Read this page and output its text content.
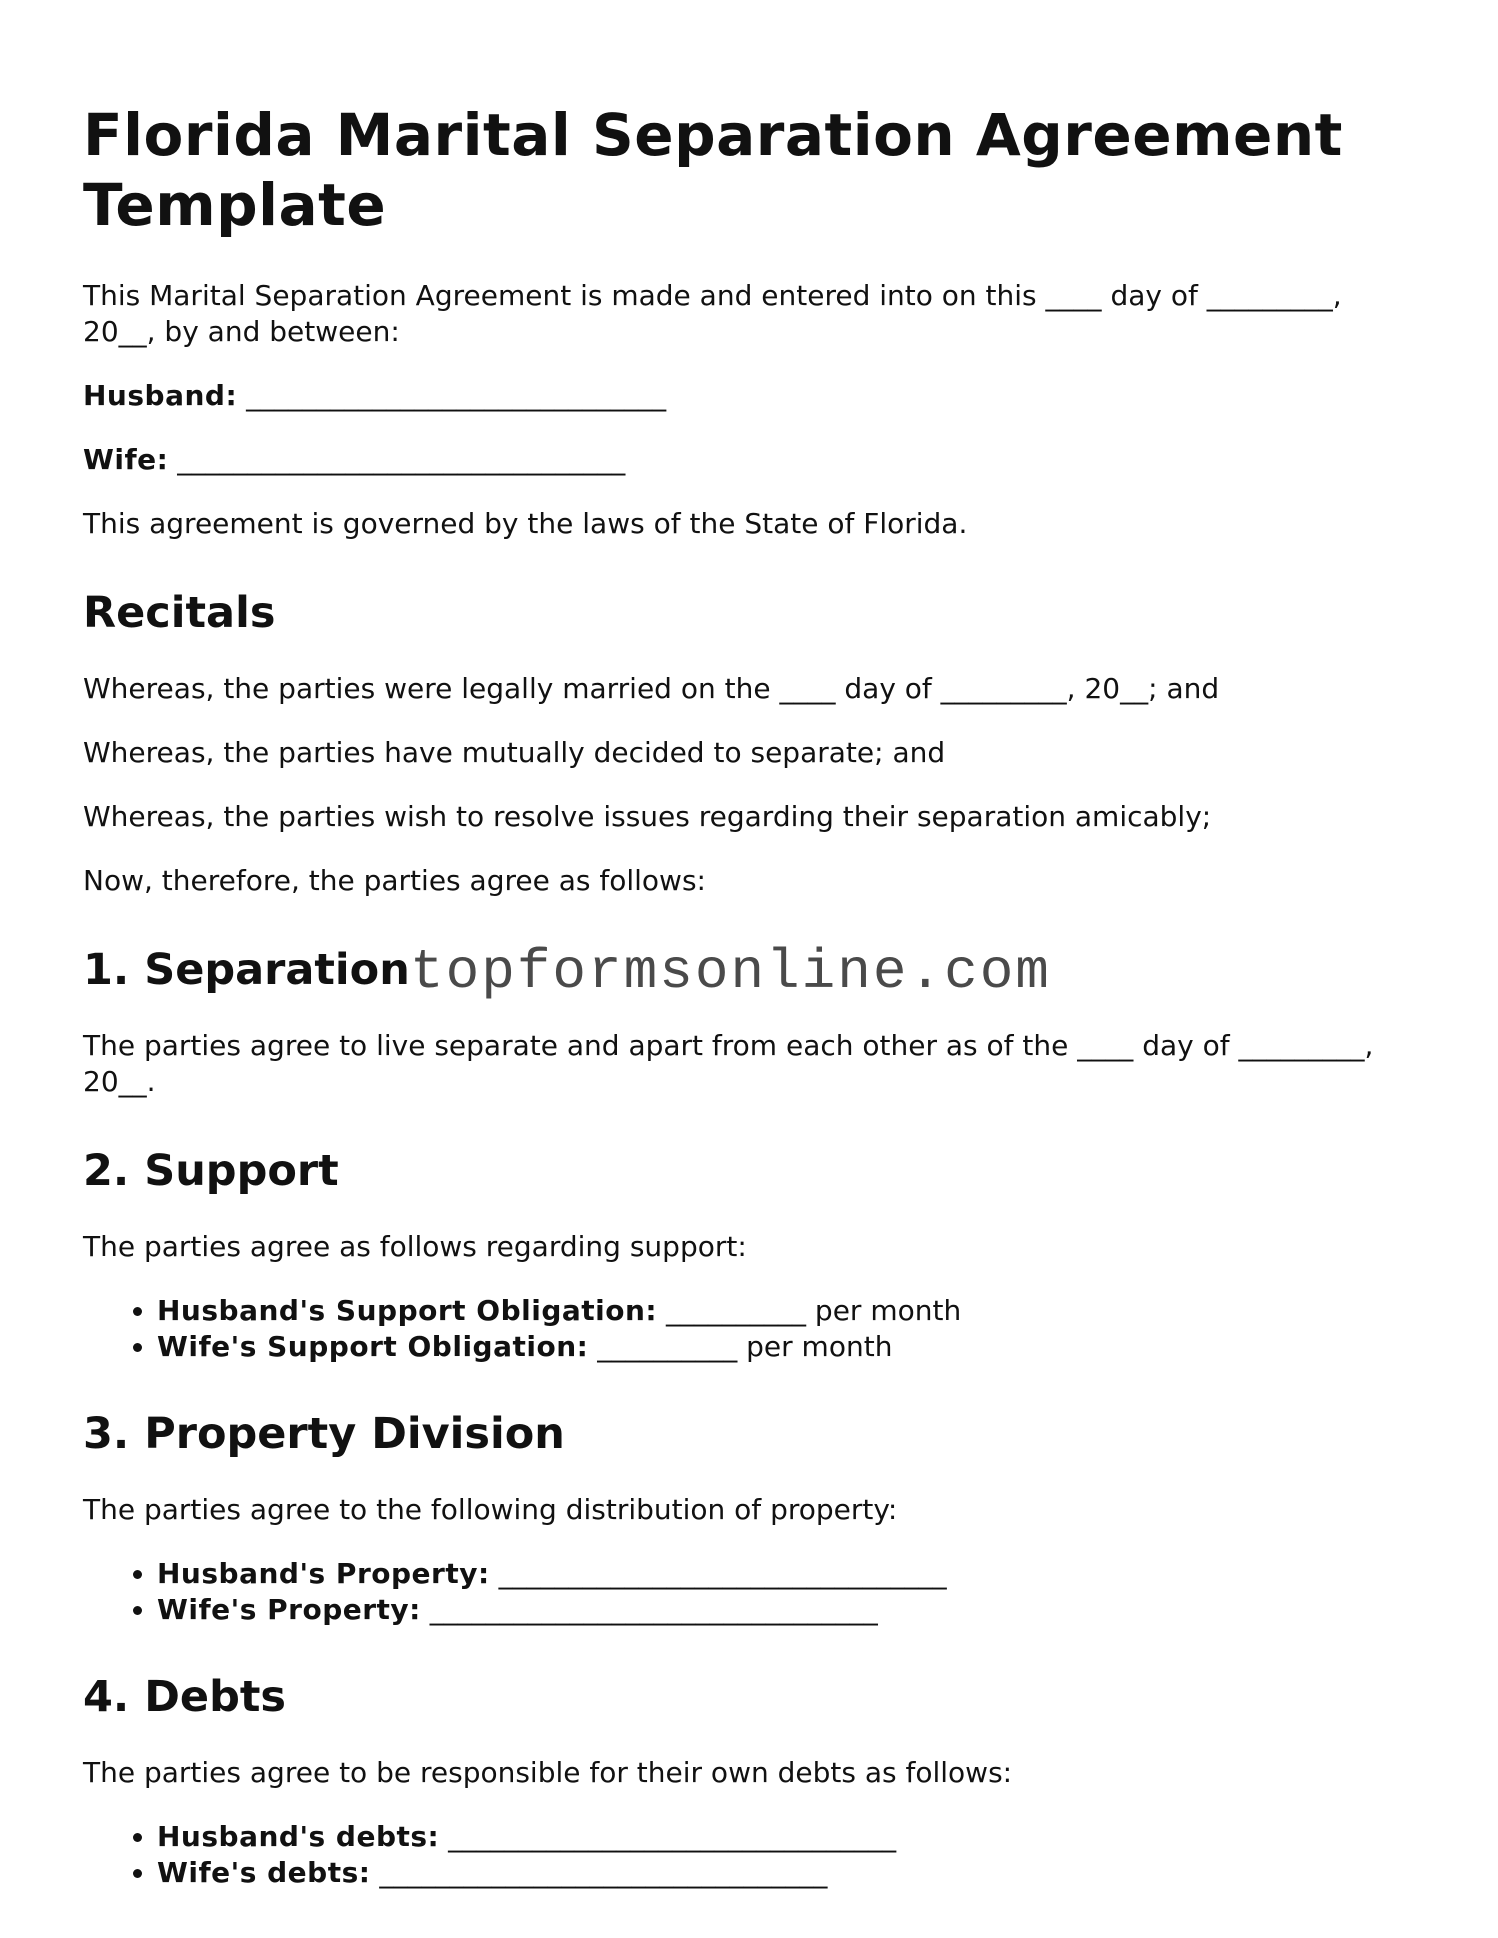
Florida Marital Separation Agreement Template

This Marital Separation Agreement is made and entered into on this ____ day of _________, 20__, by and between:

Husband: ______________________________
Wife: ________________________________

This agreement is governed by the laws of the State of Florida.

Recitals

Whereas, the parties were legally married on the ____ day of _________, 20__; and

Whereas, the parties have mutually decided to separate; and

Whereas, the parties wish to resolve issues regarding their separation amicably;

Now, therefore, the parties agree as follows:

1. Separation

The parties agree to live separate and apart from each other as of the ____ day of _________, 20__.

2. Support

The parties agree as follows regarding support:

• Husband's Support Obligation: __________ per month
• Wife's Support Obligation: __________ per month
3. Property Division

The parties agree to the following distribution of property:

• Husband's Property: ________________________________
• Wife's Property: ________________________________
4. Debts

The parties agree to be responsible for their own debts as follows:

• Husband's debts: ________________________________
• Wife's debts: ________________________________
topformsonline.com
